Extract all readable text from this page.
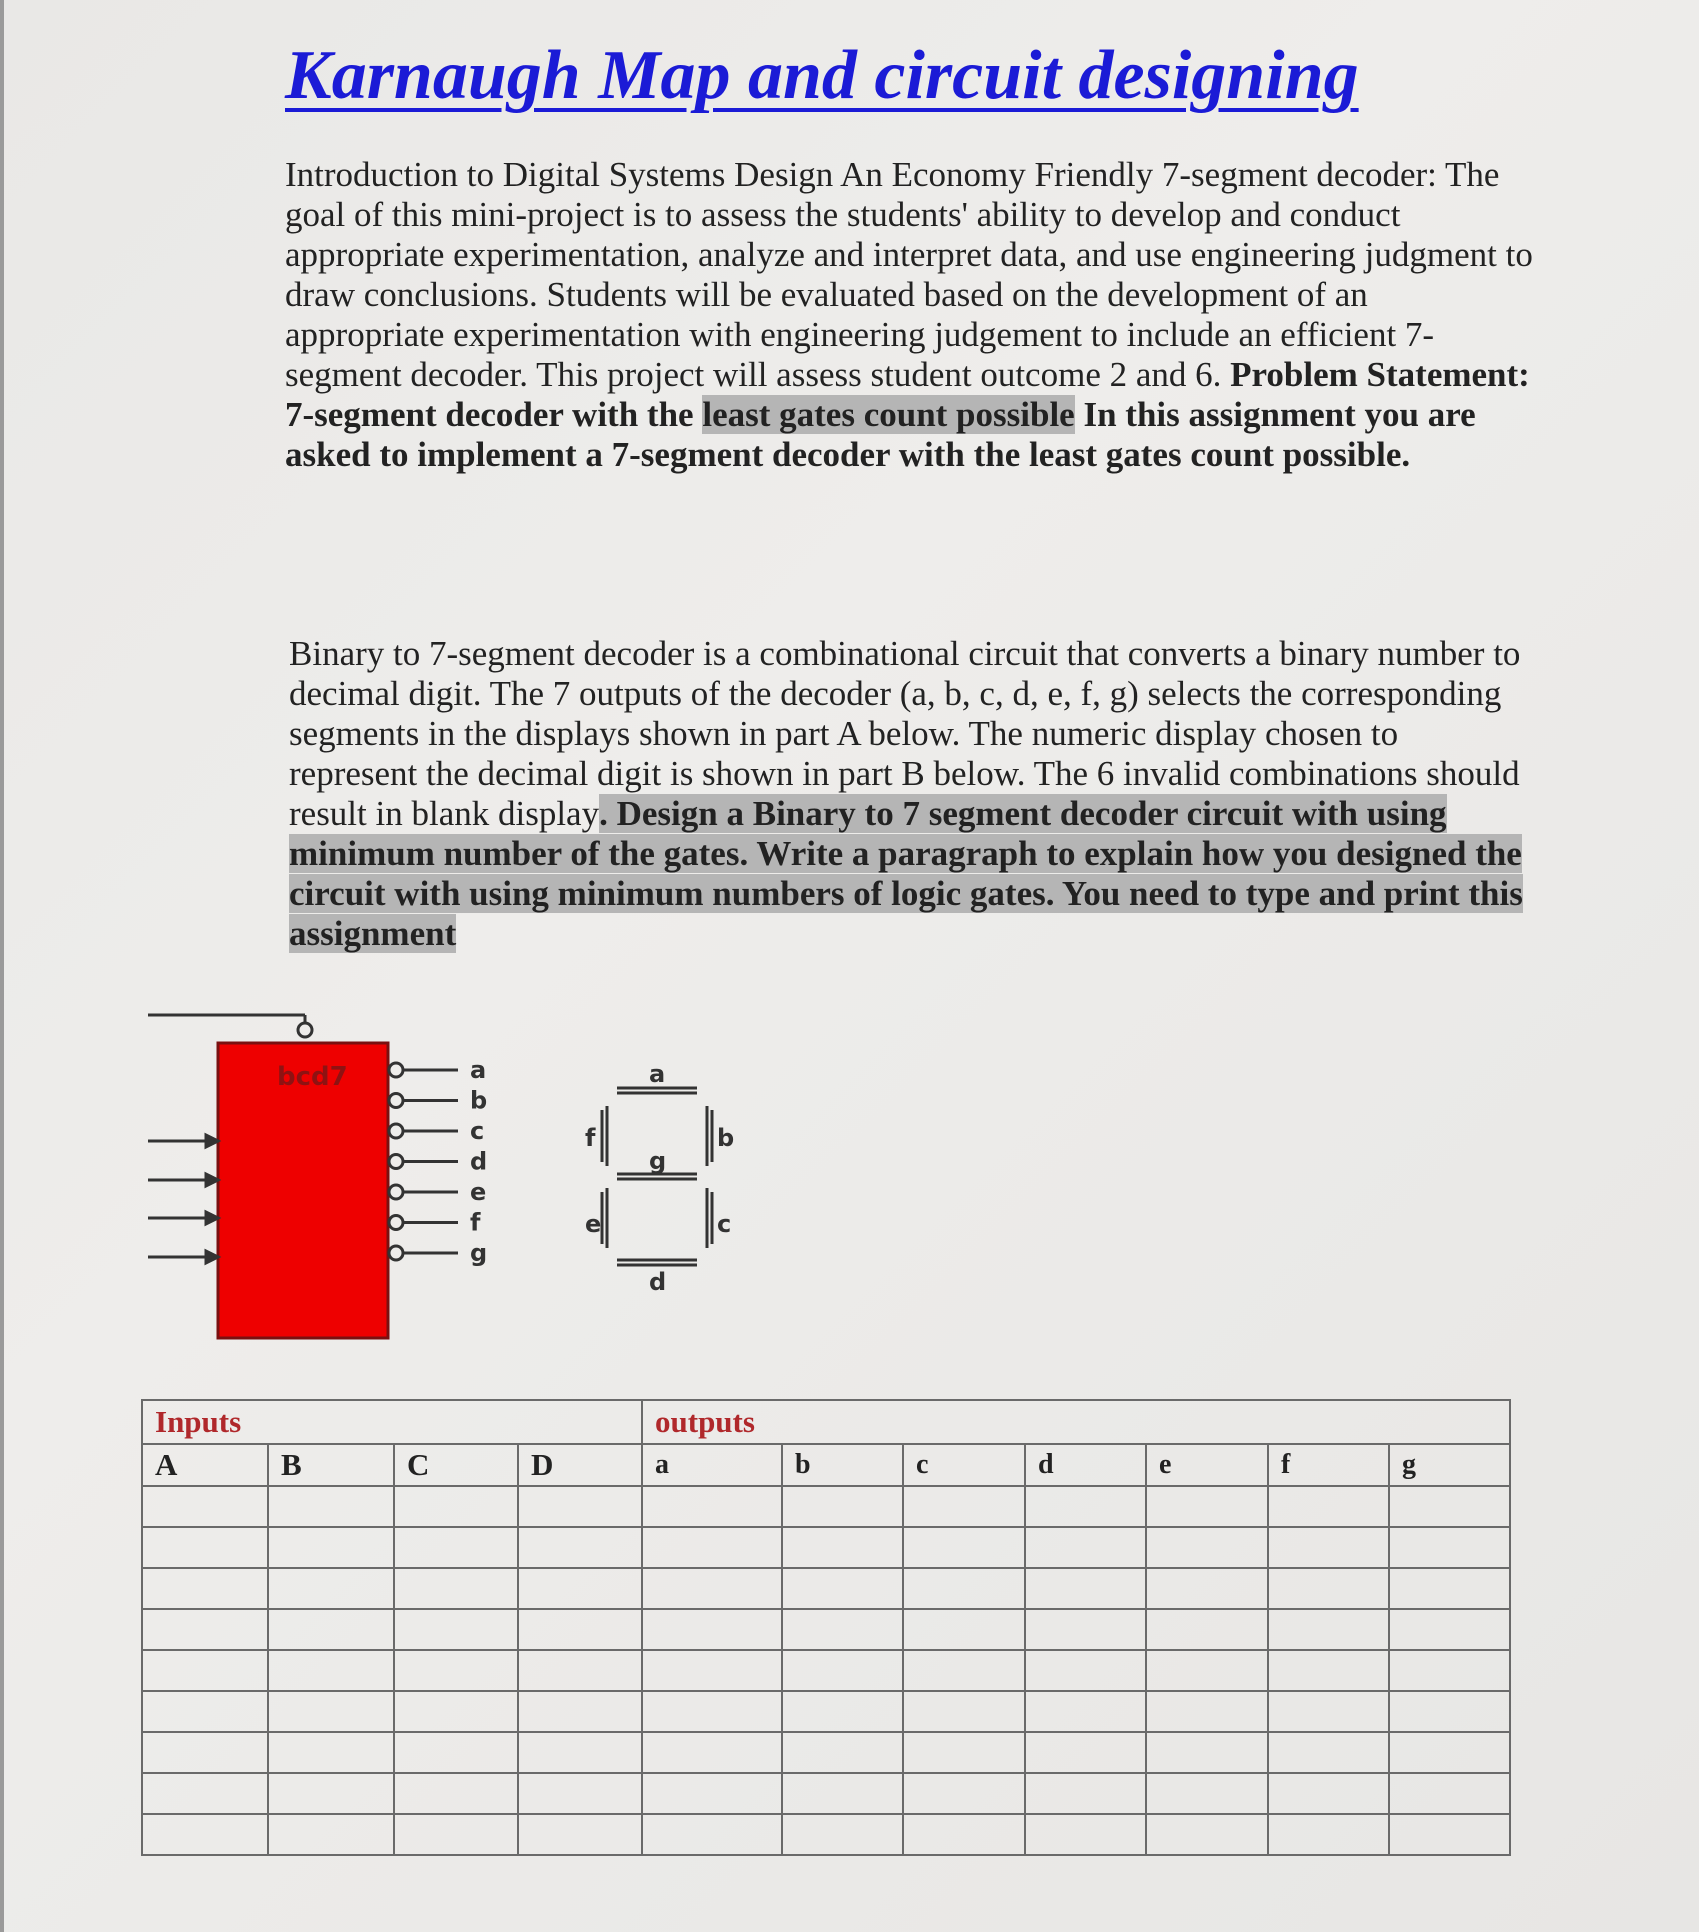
Karnaugh Map and circuit designing

Introduction to Digital Systems Design An Economy Friendly 7-segment decoder: The goal of this mini-project is to assess the students' ability to develop and conduct appropriate experimentation, analyze and interpret data, and use engineering judgment to draw conclusions. Students will be evaluated based on the development of an appropriate experimentation with engineering judgement to include an efficient 7-segment decoder. This project will assess student outcome 2 and 6. Problem Statement: 7-segment decoder with the least gates count possible In this assignment you are asked to implement a 7-segment decoder with the least gates count possible.

Binary to 7-segment decoder is a combinational circuit that converts a binary number to decimal digit. The 7 outputs of the decoder (a, b, c, d, e, f, g) selects the corresponding segments in the displays shown in part A below. The numeric display chosen to represent the decimal digit is shown in part B below. The 6 invalid combinations should result in blank display. Design a Binary to 7 segment decoder circuit with using minimum number of the gates. Write a paragraph to explain how you designed the circuit with using minimum numbers of logic gates. You need to type and print this assignment

bcd7	a
b
c
d
e
f
g
a
b
g
f
e	c
d
Inputs				outputs						
A	B	C	D	a	b	c	d	e	f	g
